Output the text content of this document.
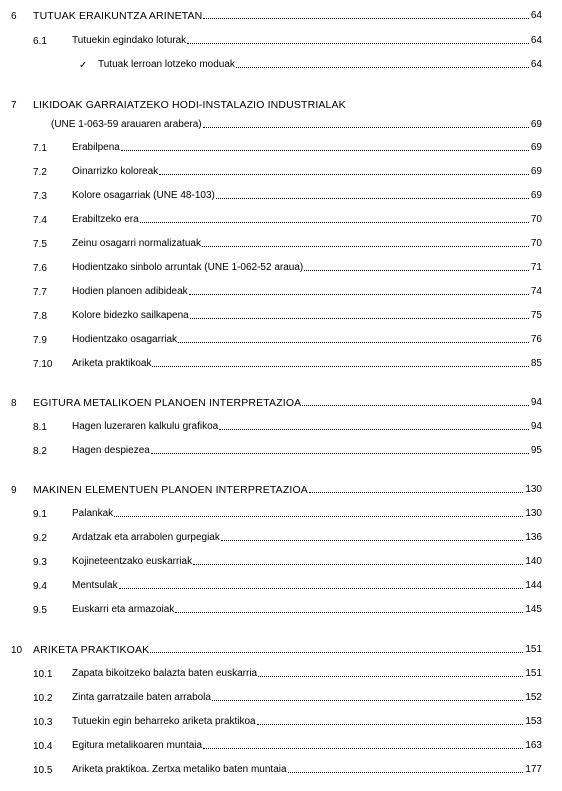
6 TUTUAK ERAIKUNTZA ARINETAN	64
6.1	Tutuekin egindako loturak	64
✓ Tutuak lerroan lotzeko moduak	64
7 LIKIDOAK GARRAIATZEKO HODI-INSTALAZIO INDUSTRIALAK
(UNE 1-063-59 arauaren arabera)	69
7.1	Erabilpena	69
7.2	Oinarrizko koloreak	69
7.3	Kolore osagarriak (UNE 48-103)	69
7.4	Erabiltzeko era	70
7.5	Zeinu osagarri normalizatuak	70
7.6	Hodientzako sinbolo arruntak (UNE 1-062-52 araua)	71
7.7	Hodien planoen adibideak	74
7.8	Kolore bidezko sailkapena	75
7.9	Hodientzako osagarriak	76
7.10 Ariketa praktikoak	85
8 EGITURA METALIKOEN PLANOEN INTERPRETAZIOA	94
8.1	Hagen luzeraren kalkulu grafikoa	94
8.2	Hagen despiezea	95
9 MAKINEN ELEMENTUEN PLANOEN INTERPRETAZIOA	130
9.1	Palankak	130
9.2	Ardatzak eta arrabolen gurpegiak	136
9.3	Kojineteentzako euskarriak	140
9.4	Mentsulak	144
9.5	Euskarri eta armazoiak	145
10 ARIKETA PRAKTIKOAK	151
10.1 Zapata bikoitzeko balazta baten euskarria	151
10.2 Zinta garratzaile baten arrabola	152
10.3 Tutuekin egin beharreko ariketa praktikoa	153
10.4 Egitura metalikoaren muntaia	163
10.5 Ariketa praktikoa. Zertxa metaliko baten muntaia	177
